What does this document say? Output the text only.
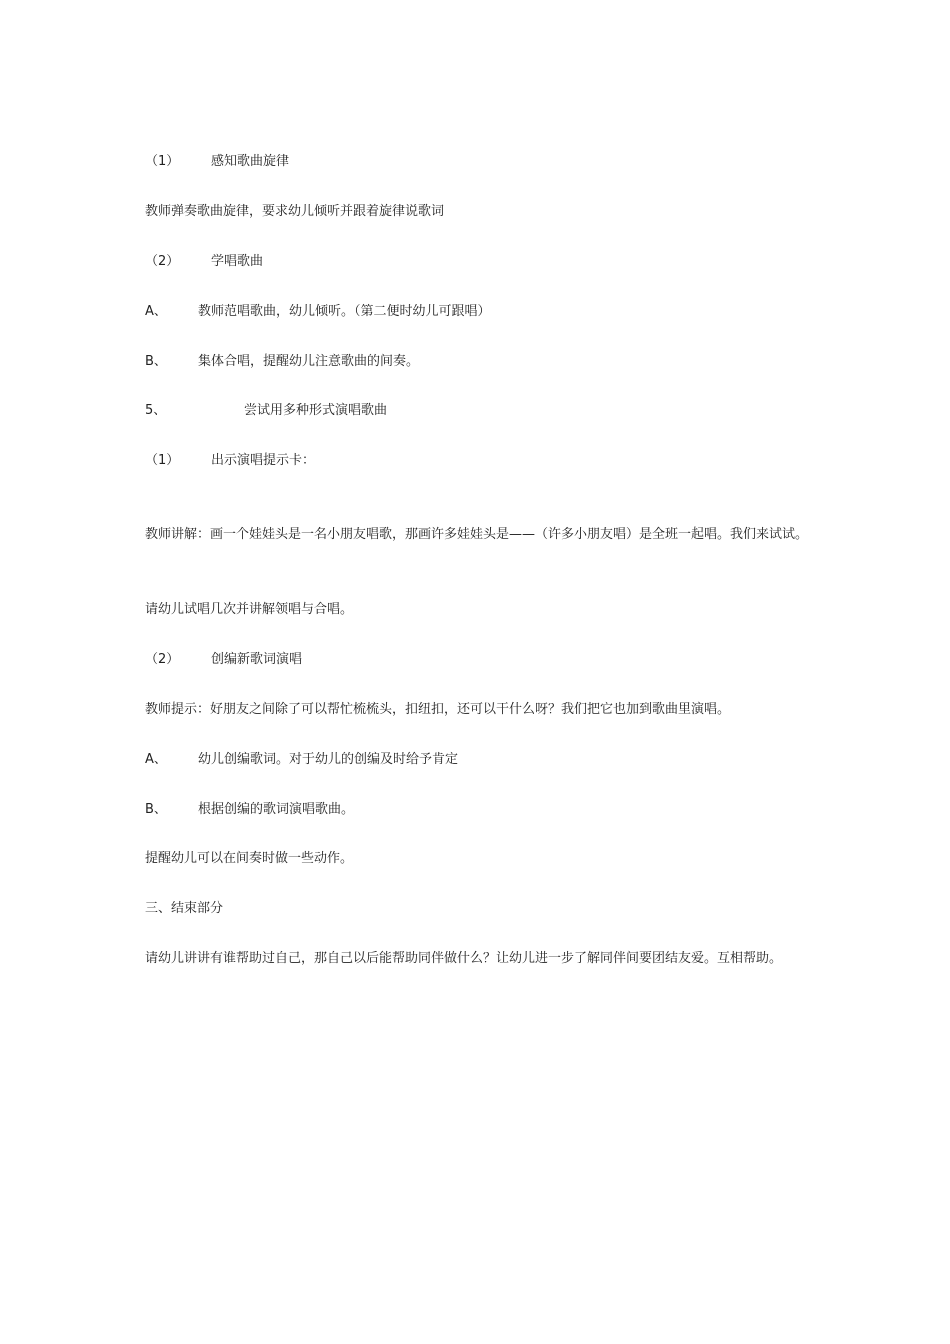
（1） 感知歌曲旋律
教师弹奏歌曲旋律，要求幼儿倾听并跟着旋律说歌词
（2） 学唱歌曲
A、 教师范唱歌曲，幼儿倾听。（第二便时幼儿可跟唱）
B、 集体合唱，提醒幼儿注意歌曲的间奏。
5、	尝试用多种形式演唱歌曲
（1） 出示演唱提示卡：
教师讲解：画一个娃娃头是一名小朋友唱歌，那画许多娃娃头是——（许多小朋友唱）是全班一起唱。我们来试试。
请幼儿试唱几次并讲解领唱与合唱。
（2） 创编新歌词演唱
教师提示：好朋友之间除了可以帮忙梳梳头，扣纽扣，还可以干什么呀？我们把它也加到歌曲里演唱。
A、 幼儿创编歌词。对于幼儿的创编及时给予肯定
B、 根据创编的歌词演唱歌曲。
提醒幼儿可以在间奏时做一些动作。
三、结束部分
请幼儿讲讲有谁帮助过自己，那自己以后能帮助同伴做什么？让幼儿进一步了解同伴间要团结友爱。互相帮助。
